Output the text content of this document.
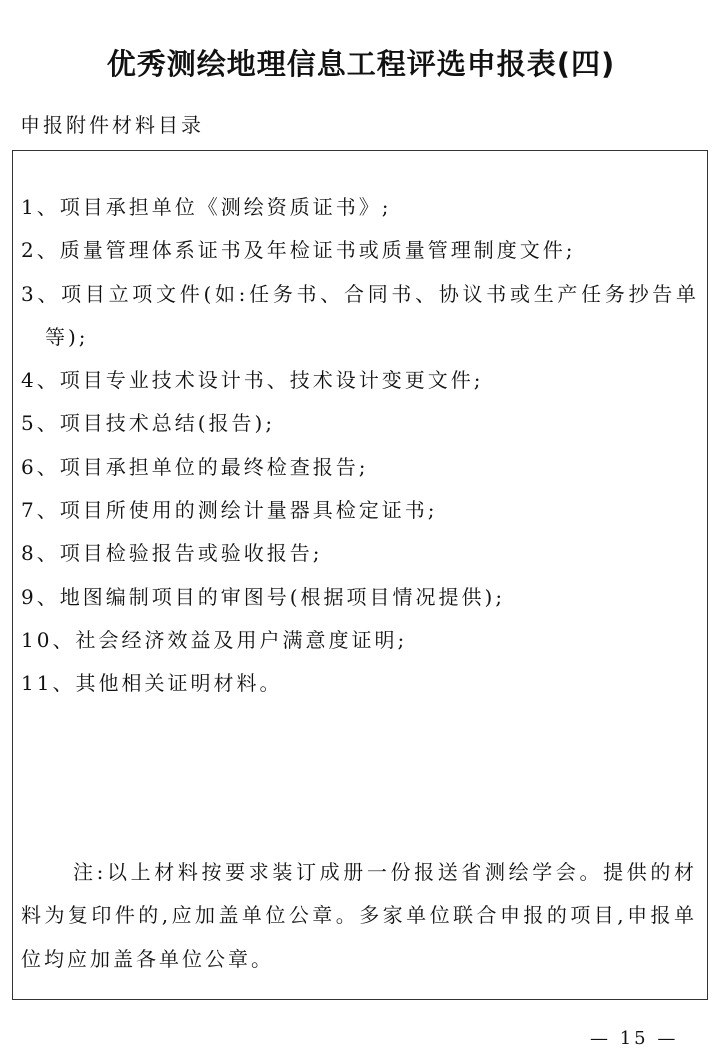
优秀测绘地理信息工程评选申报表(四)
申报附件材料目录
1、项目承担单位《测绘资质证书》;
2、质量管理体系证书及年检证书或质量管理制度文件;
3、项目立项文件(如:任务书、合同书、协议书或生产任务抄告单等);
4、项目专业技术设计书、技术设计变更文件;
5、项目技术总结(报告);
6、项目承担单位的最终检查报告;
7、项目所使用的测绘计量器具检定证书;
8、项目检验报告或验收报告;
9、地图编制项目的审图号(根据项目情况提供);
10、社会经济效益及用户满意度证明;
11、其他相关证明材料。

注:以上材料按要求装订成册一份报送省测绘学会。提供的材料为复印件的,应加盖单位公章。多家单位联合申报的项目,申报单位均应加盖各单位公章。

— 15 —
